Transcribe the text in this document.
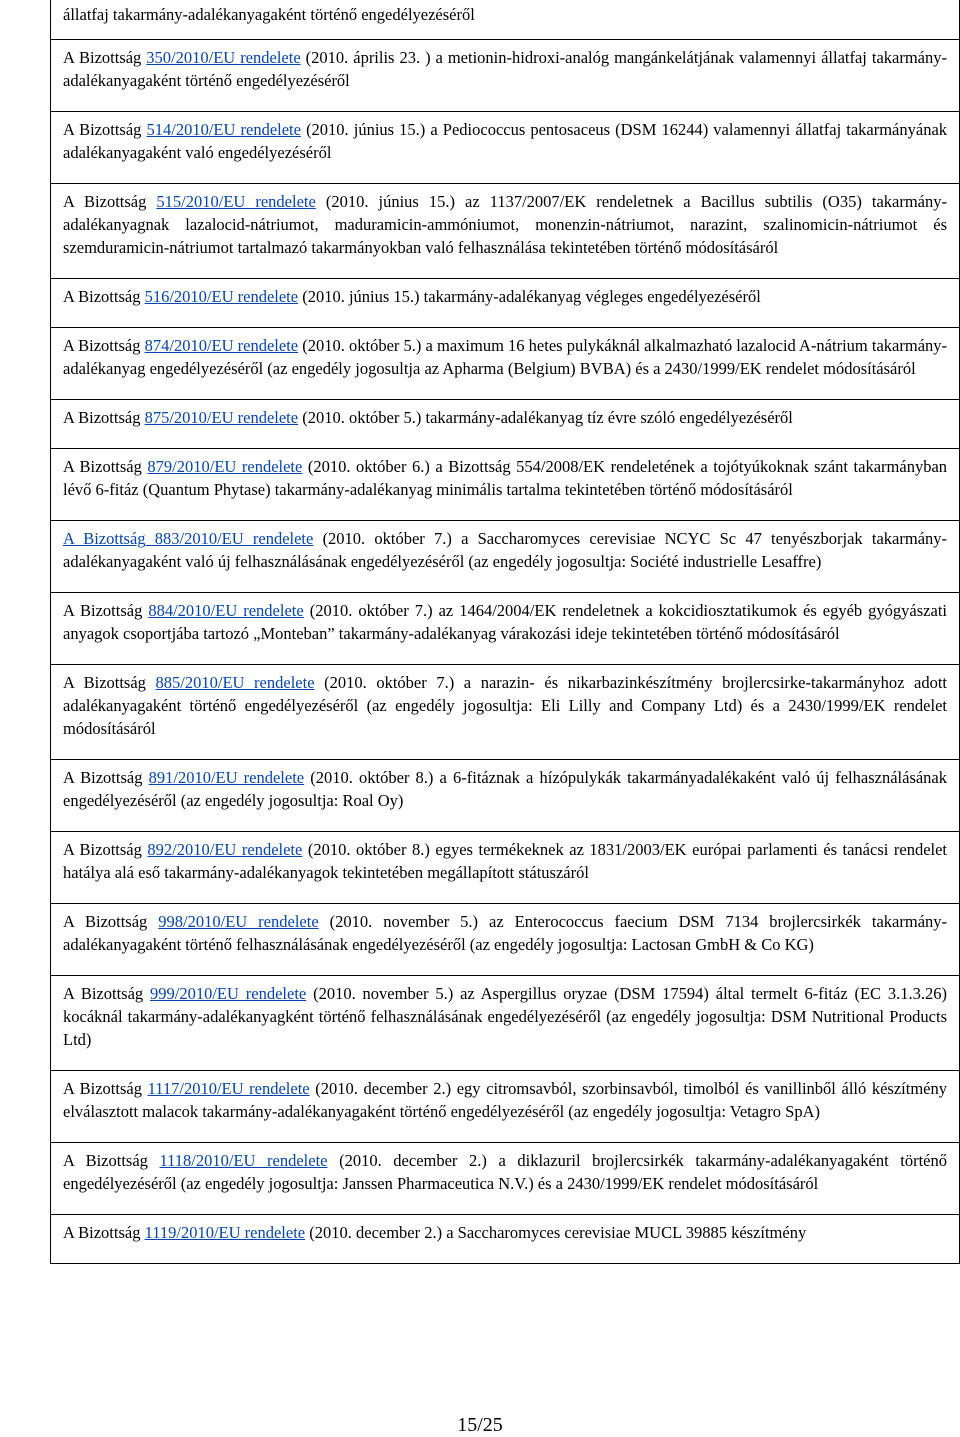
állatfaj takarmány-adalékanyagaként történő engedélyezéséről
A Bizottság 350/2010/EU rendelete (2010. április 23. ) a metionin-hidroxi-analóg mangánkelátjának valamennyi állatfaj takarmány-adalékanyagaként történő engedélyezéséről
A Bizottság 514/2010/EU rendelete (2010. június 15.) a Pediococcus pentosaceus (DSM 16244) valamennyi állatfaj takarmányának adalékanyagaként való engedélyezéséről
A Bizottság 515/2010/EU rendelete (2010. június 15.) az 1137/2007/EK rendeletnek a Bacillus subtilis (O35) takarmány-adalékanyagnak lazalocid-nátriumot, maduramicin-ammóniumot, monenzin-nátriumot, narazint, szalinomicin-nátriumot és szemduramicin-nátriumot tartalmazó takarmányokban való felhasználása tekintetében történő módosításáról
A Bizottság 516/2010/EU rendelete (2010. június 15.) takarmány-adalékanyag végleges engedélyezéséről
A Bizottság 874/2010/EU rendelete (2010. október 5.) a maximum 16 hetes pulykáknál alkalmazható lazalocid A-nátrium takarmány-adalékanyag engedélyezéséről (az engedély jogosultja az Apharma (Belgium) BVBA) és a 2430/1999/EK rendelet módosításáról
A Bizottság 875/2010/EU rendelete (2010. október 5.) takarmány-adalékanyag tíz évre szóló engedélyezéséről
A Bizottság 879/2010/EU rendelete (2010. október 6.) a Bizottság 554/2008/EK rendeletének a tojótyúkoknak szánt takarmányban lévő 6-fitáz (Quantum Phytase) takarmány-adalékanyag minimális tartalma tekintetében történő módosításáról
A Bizottság 883/2010/EU rendelete (2010. október 7.) a Saccharomyces cerevisiae NCYC Sc 47 tenyészborjak takarmány-adalékanyagaként való új felhasználásának engedélyezéséről (az engedély jogosultja: Société industrielle Lesaffre)
A Bizottság 884/2010/EU rendelete (2010. október 7.) az 1464/2004/EK rendeletnek a kokcidiosztatikumok és egyéb gyógyászati anyagok csoportjába tartozó „Monteban” takarmány-adalékanyag várakozási ideje tekintetében történő módosításáról
A Bizottság 885/2010/EU rendelete (2010. október 7.) a narazin- és nikarbazinkészítmény brojlercsirke-takarmányhoz adott adalékanyagaként történő engedélyezéséről (az engedély jogosultja: Eli Lilly and Company Ltd) és a 2430/1999/EK rendelet módosításáról
A Bizottság 891/2010/EU rendelete (2010. október 8.) a 6-fitáznak a hízópulykák takarmányadalékaként való új felhasználásának engedélyezéséről (az engedély jogosultja: Roal Oy)
A Bizottság 892/2010/EU rendelete (2010. október 8.) egyes termékeknek az 1831/2003/EK európai parlamenti és tanácsi rendelet hatálya alá eső takarmány-adalékanyagok tekintetében megállapított státuszáról
A Bizottság 998/2010/EU rendelete (2010. november 5.) az Enterococcus faecium DSM 7134 brojlercsirkék takarmány-adalékanyagaként történő felhasználásának engedélyezéséről (az engedély jogosultja: Lactosan GmbH & Co KG)
A Bizottság 999/2010/EU rendelete (2010. november 5.) az Aspergillus oryzae (DSM 17594) által termelt 6-fitáz (EC 3.1.3.26) kocáknál takarmány-adalékanyagként történő felhasználásának engedélyezéséről (az engedély jogosultja: DSM Nutritional Products Ltd)
A Bizottság 1117/2010/EU rendelete (2010. december 2.) egy citromsavból, szorbinsavból, timolból és vanillinből álló készítmény elválasztott malacok takarmány-adalékanyagaként történő engedélyezéséről (az engedély jogosultja: Vetagro SpA)
A Bizottság 1118/2010/EU rendelete (2010. december 2.) a diklazuril brojlercsirkék takarmány-adalékanyagaként történő engedélyezéséről (az engedély jogosultja: Janssen Pharmaceutica N.V.) és a 2430/1999/EK rendelet módosításáról
A Bizottság 1119/2010/EU rendelete (2010. december 2.) a Saccharomyces cerevisiae MUCL 39885 készítmény
15/25
